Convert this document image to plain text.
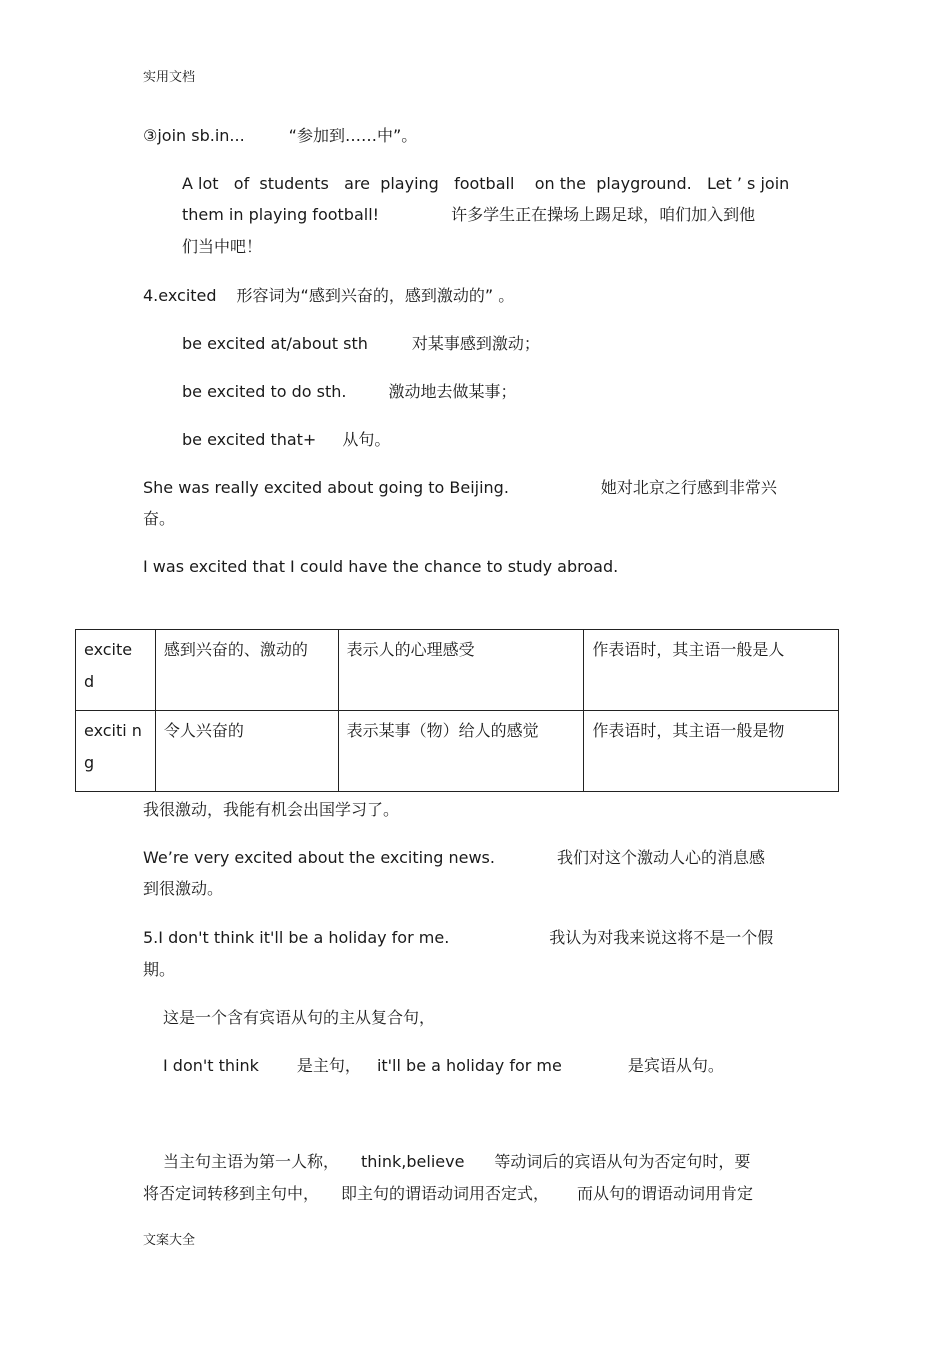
实用文档
③join sb.in...	“参加到……中”。
A lot   of  students   are  playing   football    on the  playground.   Let ’ s join
them in playing football!	许多学生正在操场上踢足球，咱们加入到他
们当中吧！
4.excited 形容词为“感到兴奋的，感到激动的” 。
be excited at/about sth	对某事感到激动；
be excited to do sth.	激动地去做某事；
be excited that+ 从句。
She was really excited about going to Beijing.	她对北京之行感到非常兴
奋。
I was excited that I could have the chance to study abroad.
excite d	感到兴奋的、激动的	表示人的心理感受	作表语时，其主语一般是人
exciti ng	令人兴奋的	表示某事（物）给人的感觉	作表语时，其主语一般是物
我很激动，我能有机会出国学习了。
We’re very excited about the exciting news.	我们对这个激动人心的消息感
到很激动。
5.I don't think it'll be a holiday for me.	我认为对我来说这将不是一个假
期。
这是一个含有宾语从句的主从复合句，
I don't think 是主句， it'll be a holiday for me	是宾语从句。
当主句主语为第一人称， think,believe 等动词后的宾语从句为否定句时，要
将否定词转移到主句中， 即主句的谓语动词用否定式， 而从句的谓语动词用肯定
文案大全
